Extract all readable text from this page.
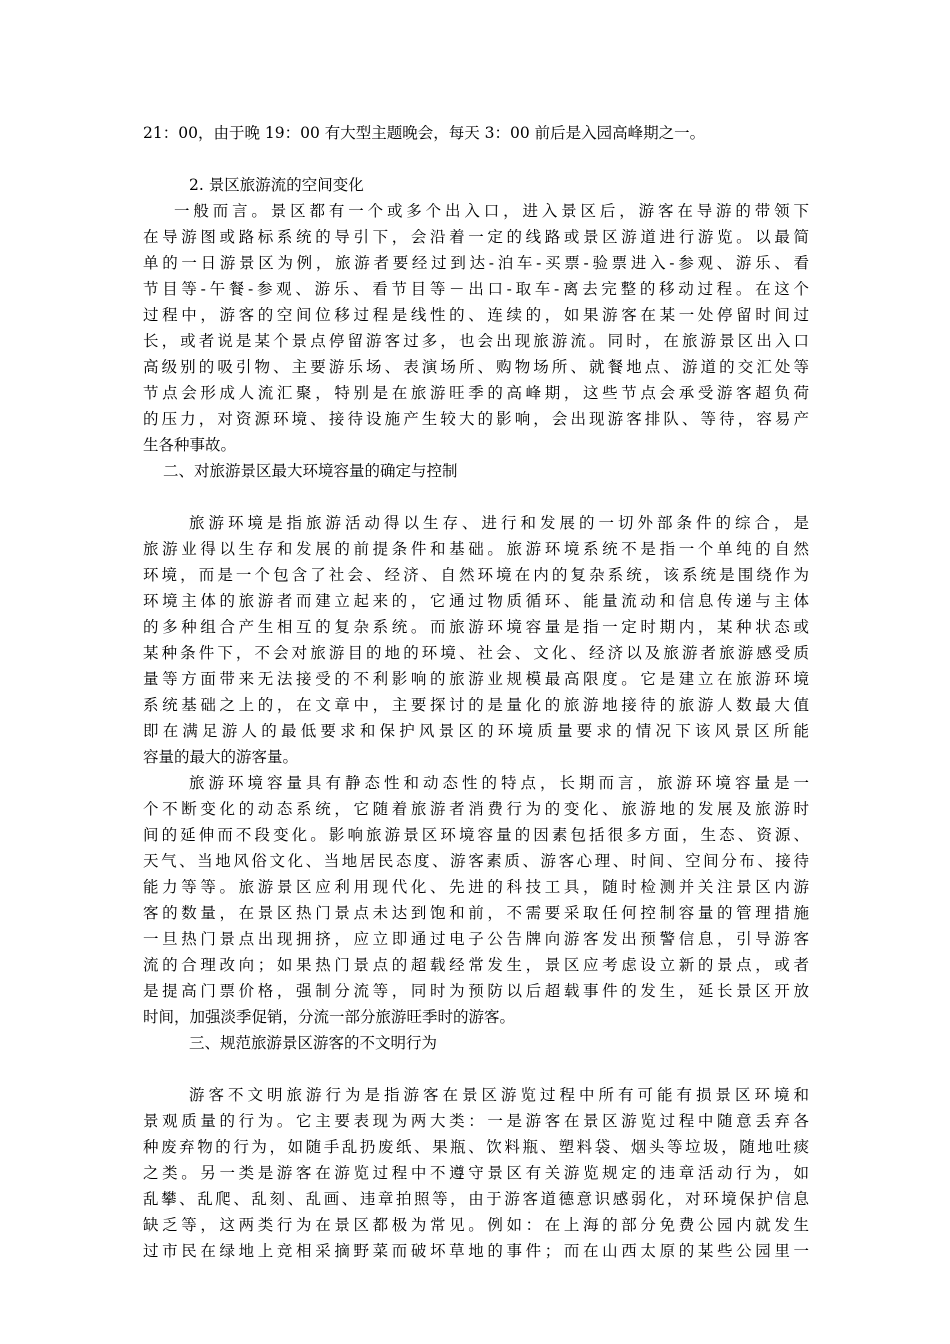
21：00，由于晚 19：00 有大型主题晚会，每天 3：00 前后是入园高峰期之一。
2. 景区旅游流的空间变化
一般而言。景区都有一个或多个出入口，进入景区后，游客在导游的带领下
在导游图或路标系统的导引下，会沿着一定的线路或景区游道进行游览。以最简
单的一日游景区为例，旅游者要经过到达-泊车-买票-验票进入-参观、游乐、看
节目等-午餐-参观、游乐、看节目等－出口-取车-离去完整的移动过程。在这个
过程中，游客的空间位移过程是线性的、连续的，如果游客在某一处停留时间过
长，或者说是某个景点停留游客过多，也会出现旅游流。同时，在旅游景区出入口
高级别的吸引物、主要游乐场、表演场所、购物场所、就餐地点、游道的交汇处等
节点会形成人流汇聚，特别是在旅游旺季的高峰期，这些节点会承受游客超负荷
的压力，对资源环境、接待设施产生较大的影响，会出现游客排队、等待，容易产
生各种事故。
二、对旅游景区最大环境容量的确定与控制
旅游环境是指旅游活动得以生存、进行和发展的一切外部条件的综合，是
旅游业得以生存和发展的前提条件和基础。旅游环境系统不是指一个单纯的自然
环境，而是一个包含了社会、经济、自然环境在内的复杂系统，该系统是围绕作为
环境主体的旅游者而建立起来的，它通过物质循环、能量流动和信息传递与主体
的多种组合产生相互的复杂系统。而旅游环境容量是指一定时期内，某种状态或
某种条件下，不会对旅游目的地的环境、社会、文化、经济以及旅游者旅游感受质
量等方面带来无法接受的不利影响的旅游业规模最高限度。它是建立在旅游环境
系统基础之上的，在文章中，主要探讨的是量化的旅游地接待的旅游人数最大值
即在满足游人的最低要求和保护风景区的环境质量要求的情况下该风景区所能
容量的最大的游客量。
旅游环境容量具有静态性和动态性的特点，长期而言，旅游环境容量是一
个不断变化的动态系统，它随着旅游者消费行为的变化、旅游地的发展及旅游时
间的延伸而不段变化。影响旅游景区环境容量的因素包括很多方面，生态、资源、
天气、当地风俗文化、当地居民态度、游客素质、游客心理、时间、空间分布、接待
能力等等。旅游景区应利用现代化、先进的科技工具，随时检测并关注景区内游
客的数量，在景区热门景点未达到饱和前，不需要采取任何控制容量的管理措施
一旦热门景点出现拥挤，应立即通过电子公告牌向游客发出预警信息，引导游客
流的合理改向；如果热门景点的超载经常发生，景区应考虑设立新的景点，或者
是提高门票价格，强制分流等，同时为预防以后超载事件的发生，延长景区开放
时间，加强淡季促销，分流一部分旅游旺季时的游客。
三、规范旅游景区游客的不文明行为
游客不文明旅游行为是指游客在景区游览过程中所有可能有损景区环境和
景观质量的行为。它主要表现为两大类：一是游客在景区游览过程中随意丢弃各
种废弃物的行为，如随手乱扔废纸、果瓶、饮料瓶、塑料袋、烟头等垃圾，随地吐痰
之类。另一类是游客在游览过程中不遵守景区有关游览规定的违章活动行为，如
乱攀、乱爬、乱刻、乱画、违章拍照等，由于游客道德意识感弱化，对环境保护信息
缺乏等，这两类行为在景区都极为常见。例如：在上海的部分免费公园内就发生
过市民在绿地上竞相采摘野菜而破坏草地的事件；而在山西太原的某些公园里一
